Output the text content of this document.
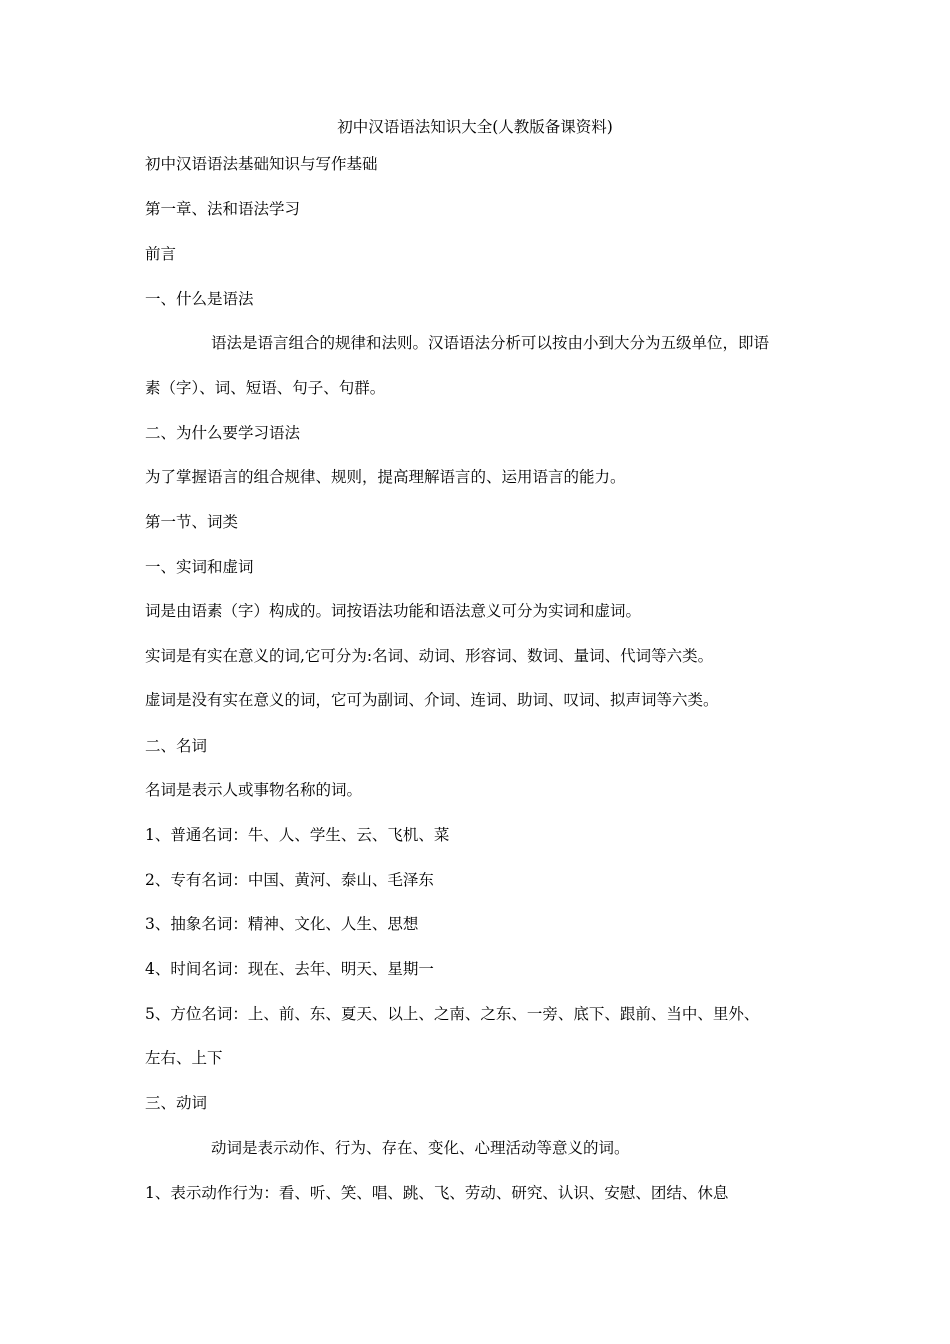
初中汉语语法知识大全(人教版备课资料)
初中汉语语法基础知识与写作基础
第一章、法和语法学习
前言
一、什么是语法
语法是语言组合的规律和法则。汉语语法分析可以按由小到大分为五级单位，即语
素（字）、词、短语、句子、句群。
二、为什么要学习语法
为了掌握语言的组合规律、规则，提高理解语言的、运用语言的能力。
第一节、词类
一、实词和虚词
词是由语素（字）构成的。词按语法功能和语法意义可分为实词和虚词。
实词是有实在意义的词,它可分为:名词、动词、形容词、数词、量词、代词等六类。
虚词是没有实在意义的词，它可为副词、介词、连词、助词、叹词、拟声词等六类。
二、名词
名词是表示人或事物名称的词。
1、普通名词：牛、人、学生、云、飞机、菜
2、专有名词：中国、黄河、泰山、毛泽东
3、抽象名词：精神、文化、人生、思想
4、时间名词：现在、去年、明天、星期一
5、方位名词：上、前、东、夏天、以上、之南、之东、一旁、底下、跟前、当中、里外、
左右、上下
三、动词
动词是表示动作、行为、存在、变化、心理活动等意义的词。
1、表示动作行为：看、听、笑、唱、跳、飞、劳动、研究、认识、安慰、团结、休息
